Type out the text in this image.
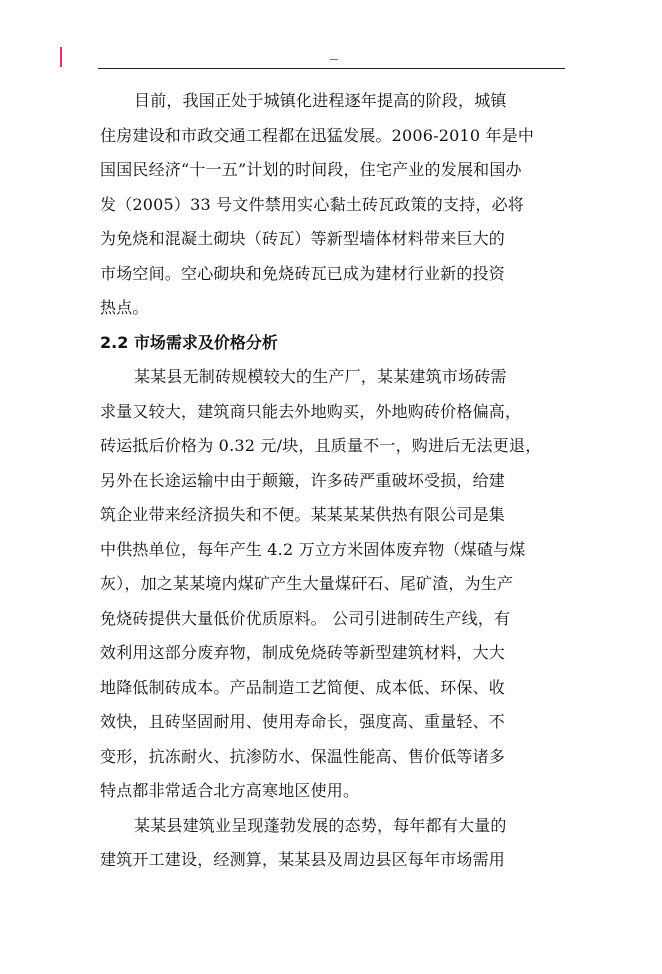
–

目前，我国正处于城镇化进程逐年提高的阶段，城镇
住房建设和市政交通工程都在迅猛发展。2006-2010 年是中
国国民经济“十一五”计划的时间段，住宅产业的发展和国办
发（2005）33 号文件禁用实心黏土砖瓦政策的支持，必将
为免烧和混凝土砌块（砖瓦）等新型墙体材料带来巨大的
市场空间。空心砌块和免烧砖瓦已成为建材行业新的投资
热点。

2.2 市场需求及价格分析

某某县无制砖规模较大的生产厂，某某建筑市场砖需
求量又较大，建筑商只能去外地购买，外地购砖价格偏高，
砖运抵后价格为 0.32 元/块，且质量不一，购进后无法更退，
另外在长途运输中由于颠簸，许多砖严重破坏受损，给建
筑企业带来经济损失和不便。某某某某供热有限公司是集
中供热单位，每年产生 4.2 万立方米固体废弃物（煤碴与煤
灰），加之某某境内煤矿产生大量煤矸石、尾矿渣，为生产
免烧砖提供大量低价优质原料。 公司引进制砖生产线，有
效利用这部分废弃物，制成免烧砖等新型建筑材料，大大
地降低制砖成本。产品制造工艺简便、成本低、环保、收
效快，且砖坚固耐用、使用寿命长，强度高、重量轻、不
变形，抗冻耐火、抗渗防水、保温性能高、售价低等诸多
特点都非常适合北方高寒地区使用。

某某县建筑业呈现蓬勃发展的态势，每年都有大量的
建筑开工建设，经测算，某某县及周边县区每年市场需用
